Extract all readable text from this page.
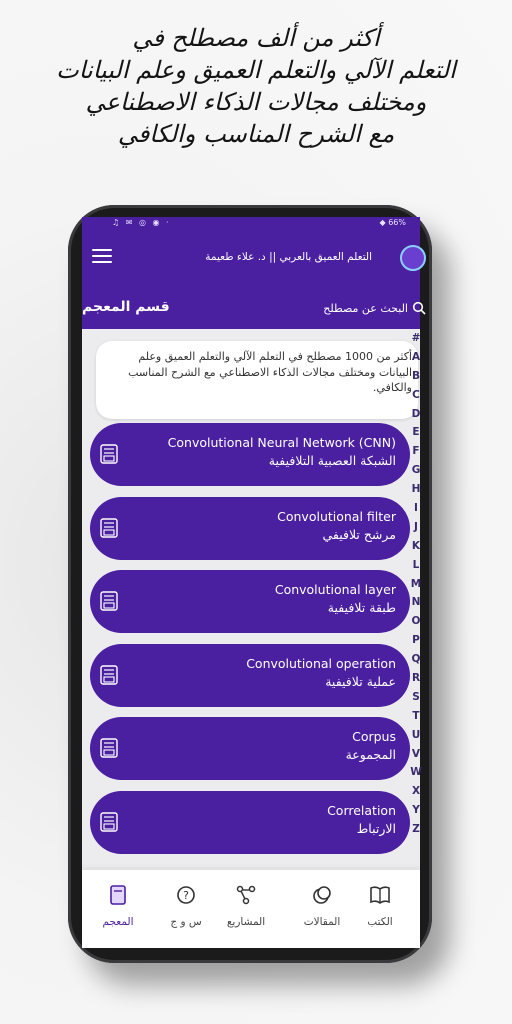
أكثر من ألف مصطلح في
التعلم الآلي والتعلم العميق وعلم البيانات
ومختلف مجالات الذكاء الاصطناعي
مع الشرح المناسب والكافي
♫ ✉ ◎ ◉ ·	◆ 66%
التعلم العميق بالعربي || د. علاء طعيمة
البحث عن مصطلح
قسم المعجم

أكثر من 1000 مصطلح في التعلم الآلي والتعلم العميق وعلم البيانات ومختلف مجالات الذكاء الاصطناعي مع الشرح المناسب والكافي.

#
A
B
C
D
E
F
G
H
I
J
K
L
M
N
O
P
Q
R
S
T
U
V
W
X
Y
Z
Convolutional Neural Network (CNN)
الشبكة العصبية التلافيفية
Convolutional filter
مرشح تلافيفي
Convolutional layer
طبقة تلافيفية
Convolutional operation
عملية تلافيفية
Corpus
المجموعة
Correlation
الارتباط
المعجم
?
س و ج	المشاريع	المقالات	الكتب
